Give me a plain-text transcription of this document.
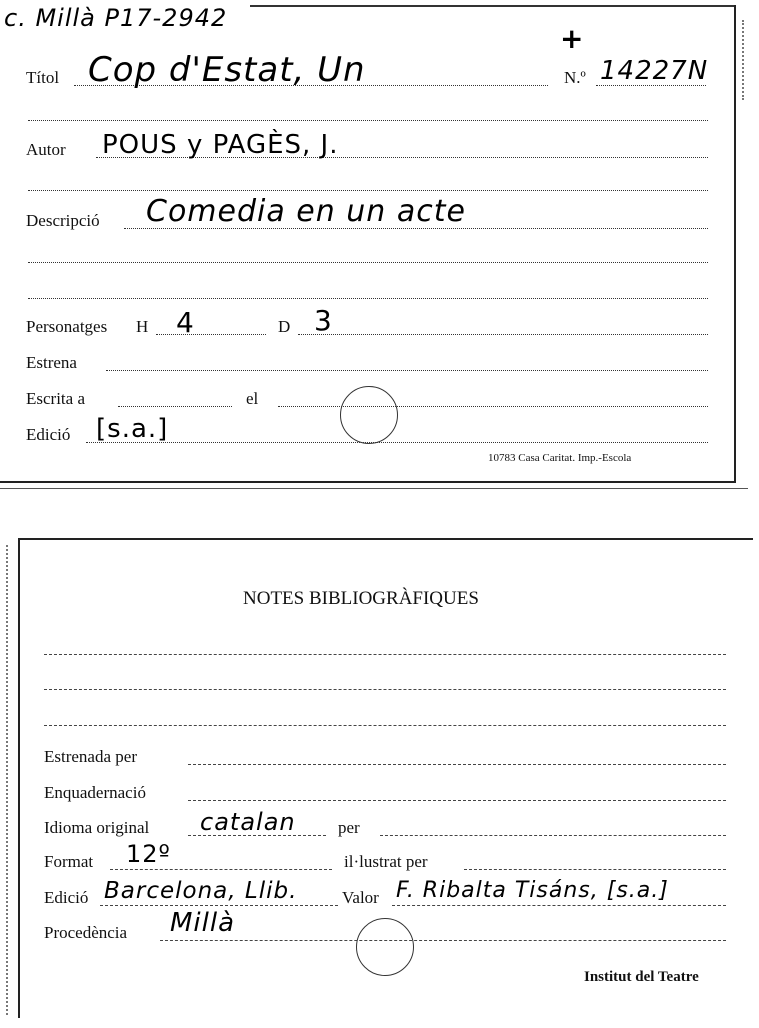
c. Millà P17-2942
+
Títol Cop d'Estat, Un	N.º 14227N
Autor POUS y PAGÈS, J.
Descripció Comedia en un acte
Personatges H 4	D 3
Estrena
Escrita a	el
Edició [s.a.]
10783 Casa Caritat. Imp.-Escola
NOTES BIBLIOGRÀFIQUES
Estrenada per
Enquadernació
Idioma original catalan per
Format 12º	il·lustrat per
Edició Barcelona, Llib.	Valor F. Ribalta Tisáns, [s.a.]
Procedència Millà
Institut del Teatre
